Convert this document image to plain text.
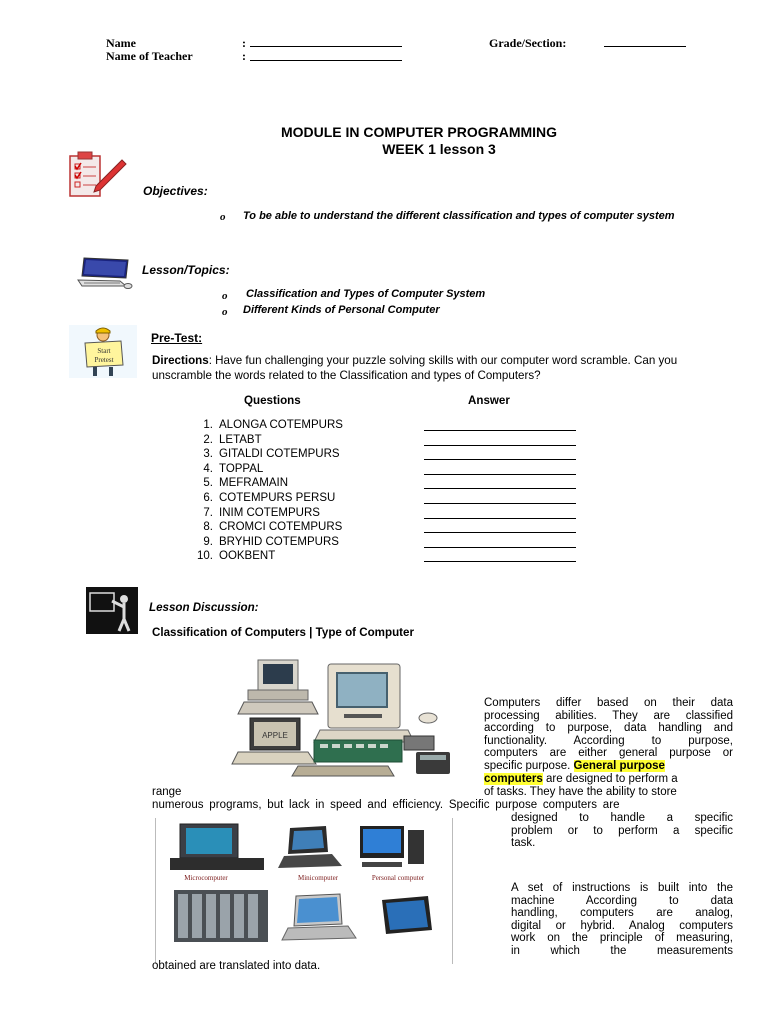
Name
Name of Teacher
:
:
Grade/Section:
MODULE IN COMPUTER PROGRAMMING
WEEK 1 lesson 3
Objectives:
o To be able to understand the different classification and types of computer system
Lesson/Topics:
o Classification and Types of Computer System
o Different Kinds of Personal Computer
Start
Pretest
Pre-Test:
Directions: Have fun challenging your puzzle solving skills with our computer word scramble. Can you unscramble the words related to the Classification and types of Computers?
Questions	Answer
1. ALONGA COTEMPURS
2. LETABT
3. GITALDI COTEMPURS
4. TOPPAL
5. MEFRAMAIN
6. COTEMPURS PERSU
7. INIM COTEMPURS
8. CROMCI COTEMPURS
9. BRYHID COTEMPURS
10. OOKBENT
Lesson Discussion:
Classification of Computers | Type of Computer
APPLE
Computers differ based on their data
processing abilities. They are classified
according to purpose, data handling and
functionality. According to purpose,
computers are either general purpose or
specific purpose. General purpose
computers are designed to perform a
range	of tasks. They have the ability to store
numerous programs, but lack in speed and efficiency. Specific purpose computers are
designed to handle a specific
problem or to perform a specific
task.
Microcomputer	Minicomputer	Personal computer
A set of instructions is built into the
machine According to data
handling, computers are analog,
digital or hybrid. Analog computers
work on the principle of measuring,
in which the measurements
obtained are translated into data.
